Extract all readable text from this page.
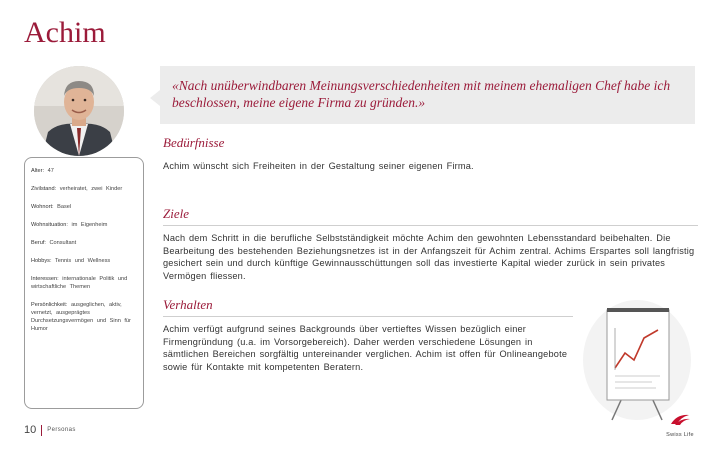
Achim
«Nach unüberwindbaren Meinungsverschiedenheiten mit meinem ehemaligen Chef habe ich beschlossen, meine eigene Firma zu gründen.»
Alter: 47
Zivilstand: verheiratet, zwei Kinder
Wohnort: Basel
Wohnsituation: im Eigenheim
Beruf: Consultant
Hobbys: Tennis und Wellness
Interessen: internationale Politik und wirtschaftliche Themen
Persönlichkeit: ausgeglichen, aktiv, vernetzt, ausgeprägtes Durchsetzungsvermögen und Sinn für Humor
Bedürfnisse

Achim wünscht sich Freiheiten in der Gestaltung seiner eigenen Firma.

Ziele

Nach dem Schritt in die berufliche Selbstständigkeit möchte Achim den gewohnten Lebensstandard beibehalten. Die Bearbeitung des bestehenden Beziehungsnetzes ist in der Anfangszeit für Achim zentral. Achims Erspartes soll langfristig gesichert sein und durch künftige Gewinnausschüttungen soll das investierte Kapital wieder zurück in sein privates Vermögen fliessen.

Verhalten

Achim verfügt aufgrund seines Backgrounds über vertieftes Wissen bezüglich einer Firmengründung (u.a. im Vorsorgebereich). Daher werden verschiedene Lösungen in sämtlichen Bereichen sorgfältig untereinander verglichen. Achim ist offen für Onlineangebote sowie für Kontakte mit kompetenten Beratern.

10 Personas
Swiss Life
